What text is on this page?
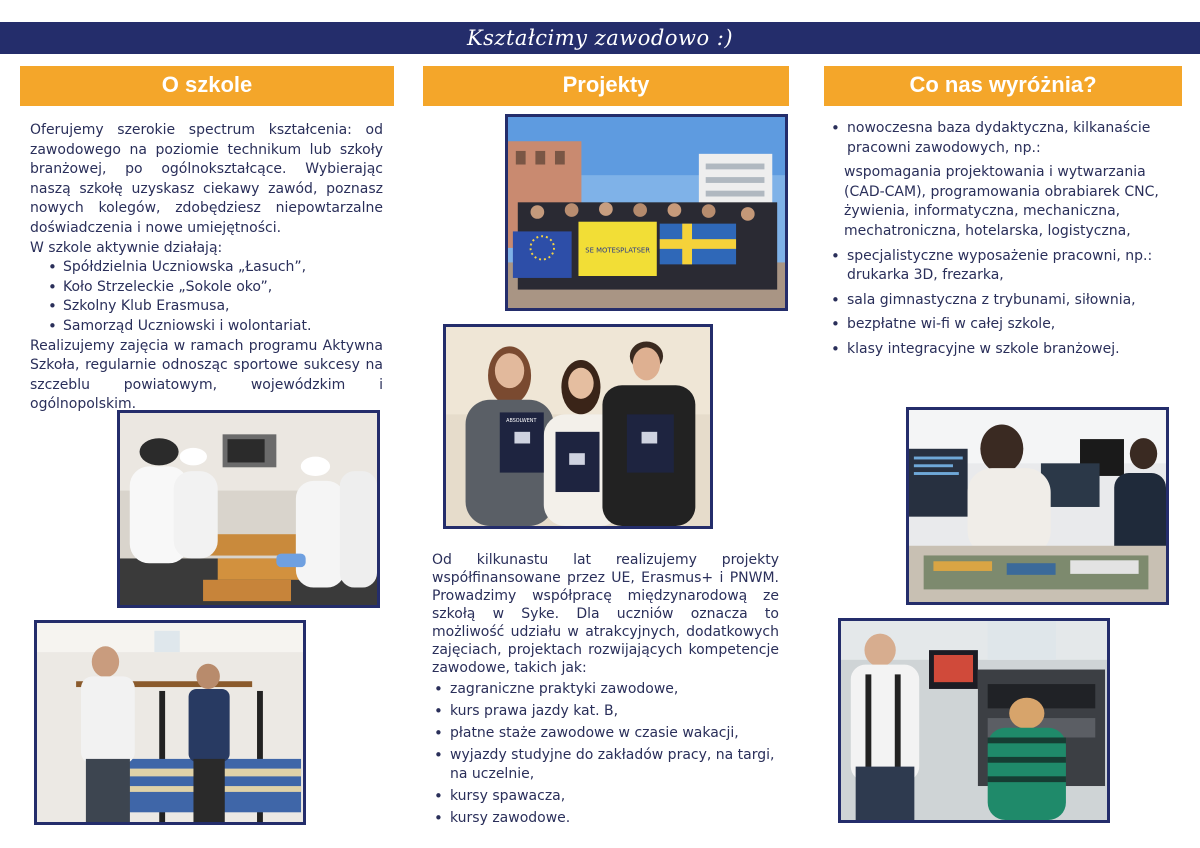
Kształcimy zawodowo :)
O szkole	Projekty	Co nas wyróżnia?

Oferujemy szerokie spectrum kształcenia: od zawodowego na poziomie technikum lub szkoły branżowej, po ogólnokształcące. Wybierając naszą szkołę uzyskasz ciekawy zawód, poznasz nowych kolegów, zdobędziesz niepowtarzalne doświadczenia i nowe umiejętności.

W szkole aktywnie działają:

• Spółdzielnia Uczniowska „Łasuch”,
• Koło Strzeleckie „Sokole oko”,
• Szkolny Klub Erasmusa,
• Samorząd Uczniowski i wolontariat.

Realizujemy zajęcia w ramach programu Aktywna Szkoła, regularnie odnosząc sportowe sukcesy na szczeblu powiatowym, wojewódzkim i ogólnopolskim.

SE MOTESPLATSER
ABSOLWENT

Od kilkunastu lat realizujemy projekty współfinansowane przez UE, Erasmus+ i PNWM. Prowadzimy współpracę międzynarodową ze szkołą w Syke. Dla uczniów oznacza to możliwość udziału w atrakcyjnych, dodatkowych zajęciach, projektach rozwijających kompetencje zawodowe, takich jak:

• zagraniczne praktyki zawodowe,
• kurs prawa jazdy kat. B,
• płatne staże zawodowe w czasie wakacji,
• wyjazdy studyjne do zakładów pracy, na targi, na uczelnie,
• kursy spawacza,
• kursy zawodowe.
• nowoczesna baza dydaktyczna, kilkanaście pracowni zawodowych, np.:

wspomagania projektowania i wytwarzania (CAD-CAM), programowania obrabiarek CNC, żywienia, informatyczna, mechaniczna, mechatroniczna, hotelarska, logistyczna,

• specjalistyczne wyposażenie pracowni, np.: drukarka 3D, frezarka,
• sala gimnastyczna z trybunami, siłownia,
• bezpłatne wi-fi w całej szkole,
• klasy integracyjne w szkole branżowej.
